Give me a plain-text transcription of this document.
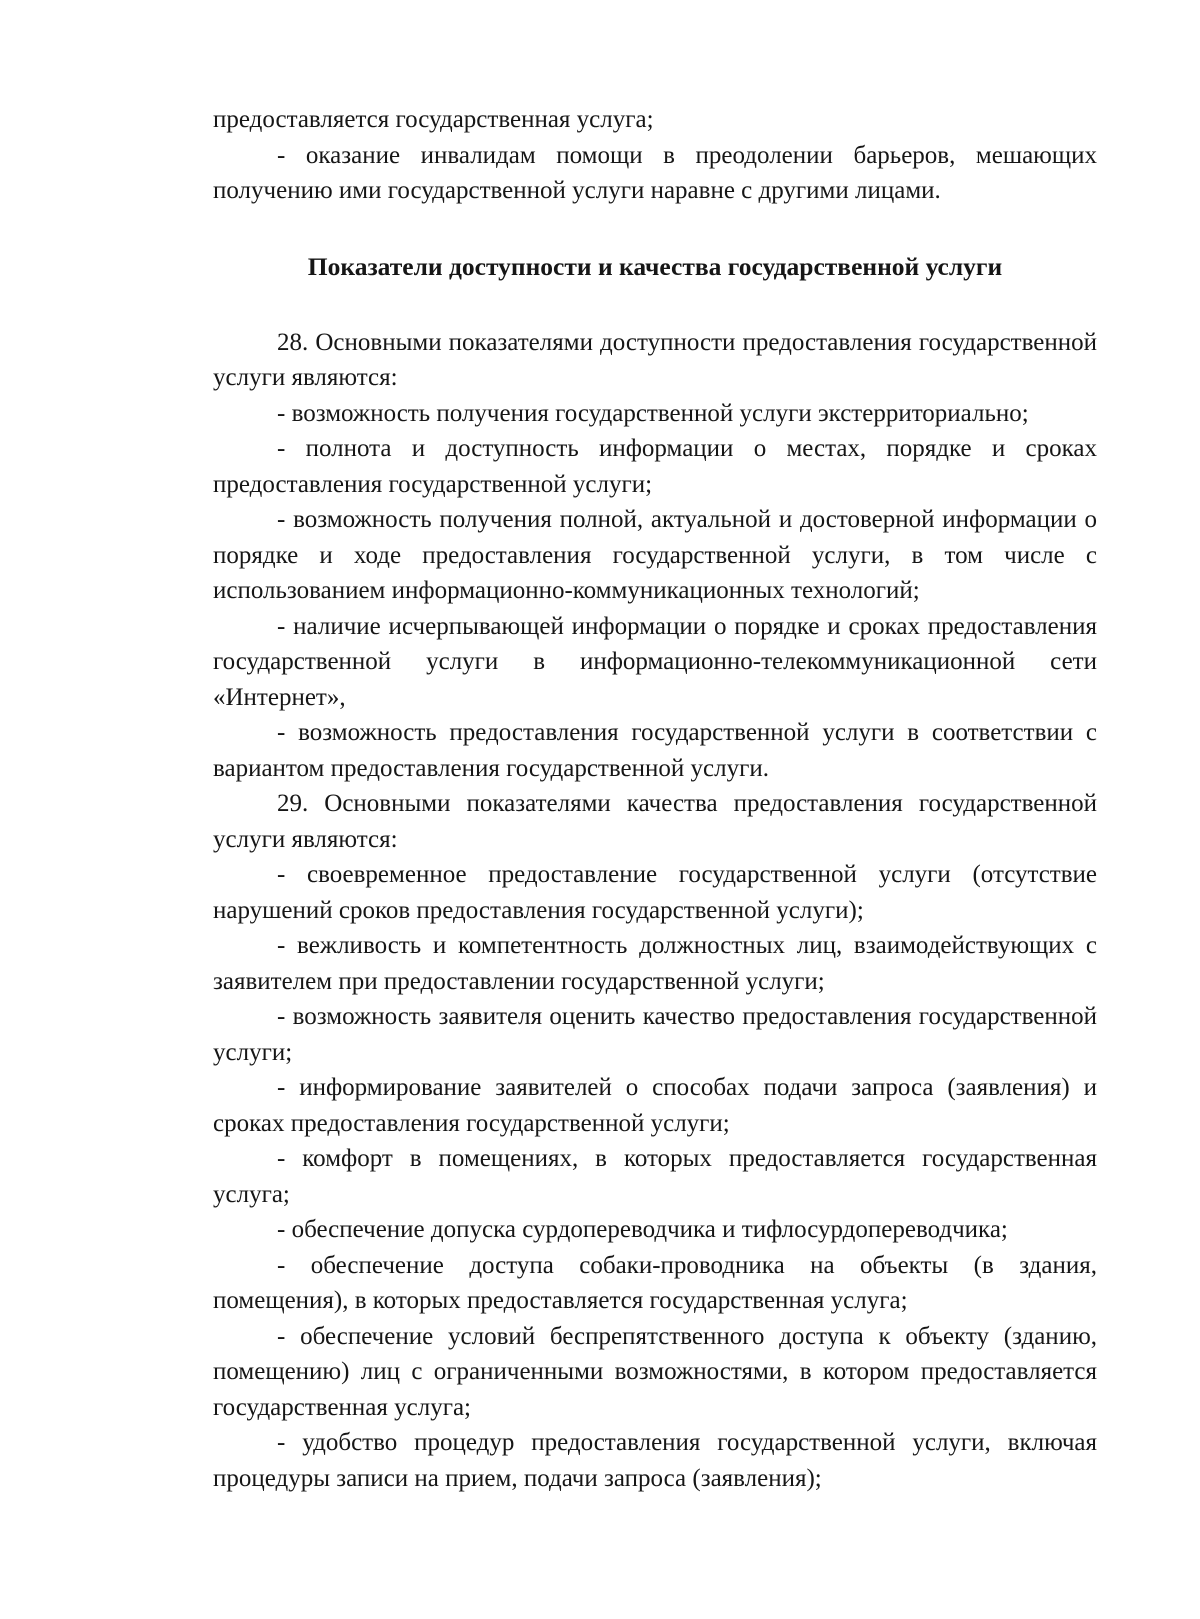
предоставляется государственная услуга;

- оказание инвалидам помощи в преодолении барьеров, мешающих получению ими государственной услуги наравне с другими лицами.

Показатели доступности и качества государственной услуги

28. Основными показателями доступности предоставления государственной услуги являются:

- возможность получения государственной услуги экстерриториально;

- полнота и доступность информации о местах, порядке и сроках предоставления государственной услуги;

- возможность получения полной, актуальной и достоверной информации о порядке и ходе предоставления государственной услуги, в том числе с использованием информационно-коммуникационных технологий;

- наличие исчерпывающей информации о порядке и сроках предоставления государственной услуги в информационно-телекоммуникационной сети «Интернет»,

- возможность предоставления государственной услуги в соответствии с вариантом предоставления государственной услуги.

29. Основными показателями качества предоставления государственной услуги являются:

- своевременное предоставление государственной услуги (отсутствие нарушений сроков предоставления государственной услуги);

- вежливость и компетентность должностных лиц, взаимодействующих с заявителем при предоставлении государственной услуги;

- возможность заявителя оценить качество предоставления государственной услуги;

- информирование заявителей о способах подачи запроса (заявления) и сроках предоставления государственной услуги;

- комфорт в помещениях, в которых предоставляется государственная услуга;

- обеспечение допуска сурдопереводчика и тифлосурдопереводчика;

- обеспечение доступа собаки-проводника на объекты (в здания, помещения), в которых предоставляется государственная услуга;

- обеспечение условий беспрепятственного доступа к объекту (зданию, помещению) лиц с ограниченными возможностями, в котором предоставляется государственная услуга;

- удобство процедур предоставления государственной услуги, включая процедуры записи на прием, подачи запроса (заявления);
